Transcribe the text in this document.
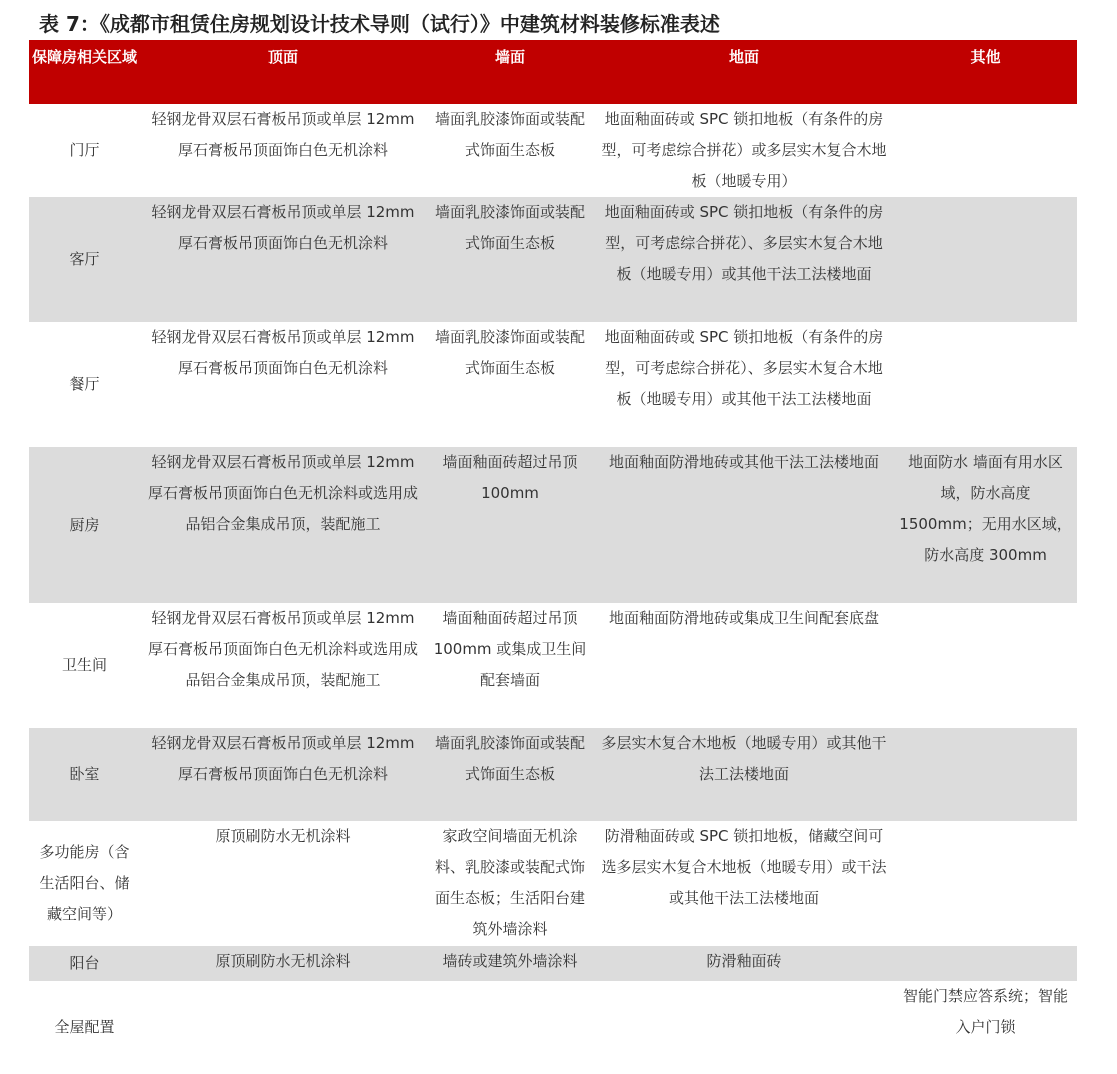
表 7：《成都市租赁住房规划设计技术导则（试行）》中建筑材料装修标准表述
保障房相关区域	顶面	墙面	地面	其他
门厅	轻钢龙骨双层石膏板吊顶或单层 12mm 厚石膏板吊顶面饰白色无机涂料	墙面乳胶漆饰面或装配式饰面生态板	地面釉面砖或 SPC 锁扣地板（有条件的房型，可考虑综合拼花）或多层实木复合木地板（地暖专用）	
客厅	轻钢龙骨双层石膏板吊顶或单层 12mm 厚石膏板吊顶面饰白色无机涂料	墙面乳胶漆饰面或装配式饰面生态板	地面釉面砖或 SPC 锁扣地板（有条件的房型，可考虑综合拼花）、多层实木复合木地板（地暖专用）或其他干法工法楼地面	
餐厅	轻钢龙骨双层石膏板吊顶或单层 12mm 厚石膏板吊顶面饰白色无机涂料	墙面乳胶漆饰面或装配式饰面生态板	地面釉面砖或 SPC 锁扣地板（有条件的房型，可考虑综合拼花）、多层实木复合木地板（地暖专用）或其他干法工法楼地面	
厨房	轻钢龙骨双层石膏板吊顶或单层 12mm 厚石膏板吊顶面饰白色无机涂料或选用成品铝合金集成吊顶，装配施工	墙面釉面砖超过吊顶 100mm	地面釉面防滑地砖或其他干法工法楼地面	地面防水 墙面有用水区域，防水高度 1500mm；无用水区域，防水高度 300mm
卫生间	轻钢龙骨双层石膏板吊顶或单层 12mm 厚石膏板吊顶面饰白色无机涂料或选用成品铝合金集成吊顶，装配施工	墙面釉面砖超过吊顶 100mm 或集成卫生间配套墙面	地面釉面防滑地砖或集成卫生间配套底盘	
卧室	轻钢龙骨双层石膏板吊顶或单层 12mm 厚石膏板吊顶面饰白色无机涂料	墙面乳胶漆饰面或装配式饰面生态板	多层实木复合木地板（地暖专用）或其他干法工法楼地面	
多功能房（含生活阳台、储藏空间等）	原顶刷防水无机涂料	家政空间墙面无机涂料、乳胶漆或装配式饰面生态板；生活阳台建筑外墙涂料	防滑釉面砖或 SPC 锁扣地板，储藏空间可选多层实木复合木地板（地暖专用）或干法或其他干法工法楼地面	
阳台	原顶刷防水无机涂料	墙砖或建筑外墙涂料	防滑釉面砖	
全屋配置				智能门禁应答系统；智能入户门锁
